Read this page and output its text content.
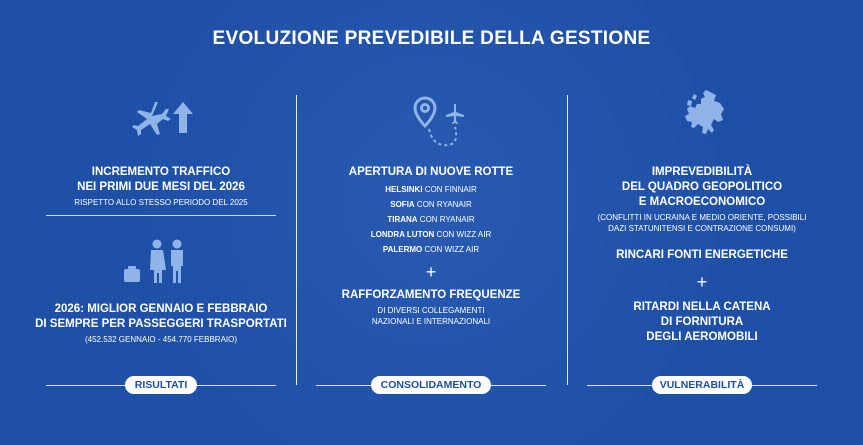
EVOLUZIONE PREVEDIBILE DELLA GESTIONE
INCREMENTO TRAFFICO
NEI PRIMI DUE MESI DEL 2026
RISPETTO ALLO STESSO PERIODO DEL 2025
2026: MIGLIOR GENNAIO E FEBBRAIO
DI SEMPRE PER PASSEGGERI TRASPORTATI
(452.532 GENNAIO - 454.770 FEBBRAIO)
RISULTATI
APERTURA DI NUOVE ROTTE
HELSINKI CON FINNAIR
SOFIA CON RYANAIR
TIRANA CON RYANAIR
LONDRA LUTON CON WIZZ AIR
PALERMO CON WIZZ AIR
+
RAFFORZAMENTO FREQUENZE
DI DIVERSI COLLEGAMENTI
NAZIONALI E INTERNAZIONALI
CONSOLIDAMENTO
IMPREVEDIBILITÀ
DEL QUADRO GEOPOLITICO
E MACROECONOMICO
(CONFLITTI IN UCRAINA E MEDIO ORIENTE, POSSIBILI
DAZI STATUNITENSI E CONTRAZIONE CONSUMI)
RINCARI FONTI ENERGETICHE
+
RITARDI NELLA CATENA
DI FORNITURA
DEGLI AEROMOBILI
VULNERABILITÀ
